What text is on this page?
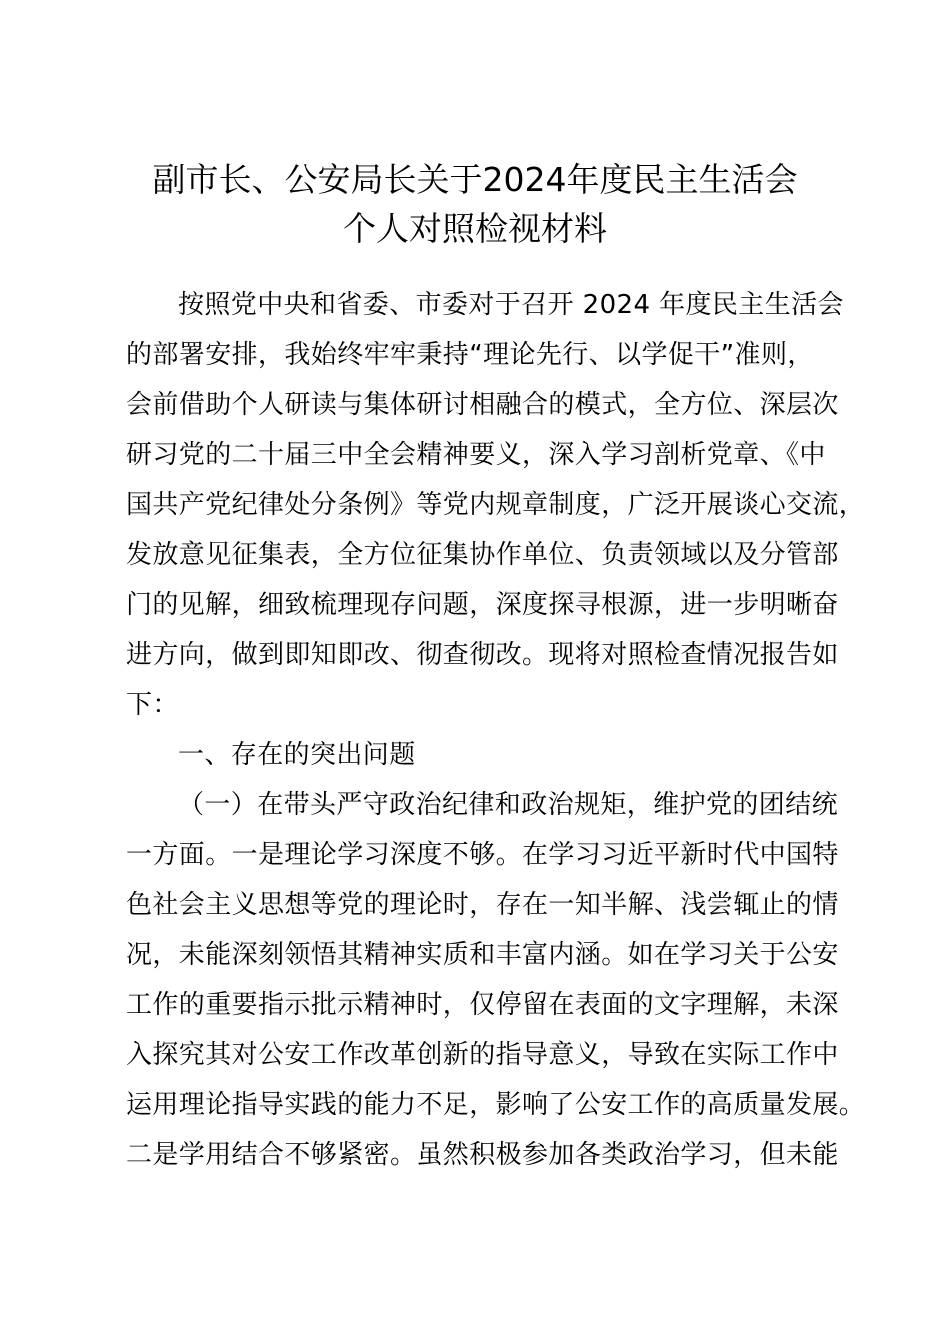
副市长、公安局长关于2024年度民主生活会
个人对照检视材料
按照党中央和省委、市委对于召开 2024 年度民主生活会
的部署安排，我始终牢牢秉持“理论先行、以学促干”准则，
会前借助个人研读与集体研讨相融合的模式，全方位、深层次
研习党的二十届三中全会精神要义，深入学习剖析党章、《中
国共产党纪律处分条例》等党内规章制度，广泛开展谈心交流，
发放意见征集表，全方位征集协作单位、负责领域以及分管部
门的见解，细致梳理现存问题，深度探寻根源，进一步明晰奋
进方向，做到即知即改、彻查彻改。现将对照检查情况报告如
下：
一、存在的突出问题
（一）在带头严守政治纪律和政治规矩，维护党的团结统
一方面。一是理论学习深度不够。在学习习近平新时代中国特
色社会主义思想等党的理论时，存在一知半解、浅尝辄止的情
况，未能深刻领悟其精神实质和丰富内涵。如在学习关于公安
工作的重要指示批示精神时，仅停留在表面的文字理解，未深
入探究其对公安工作改革创新的指导意义，导致在实际工作中
运用理论指导实践的能力不足，影响了公安工作的高质量发展。
二是学用结合不够紧密。虽然积极参加各类政治学习，但未能
